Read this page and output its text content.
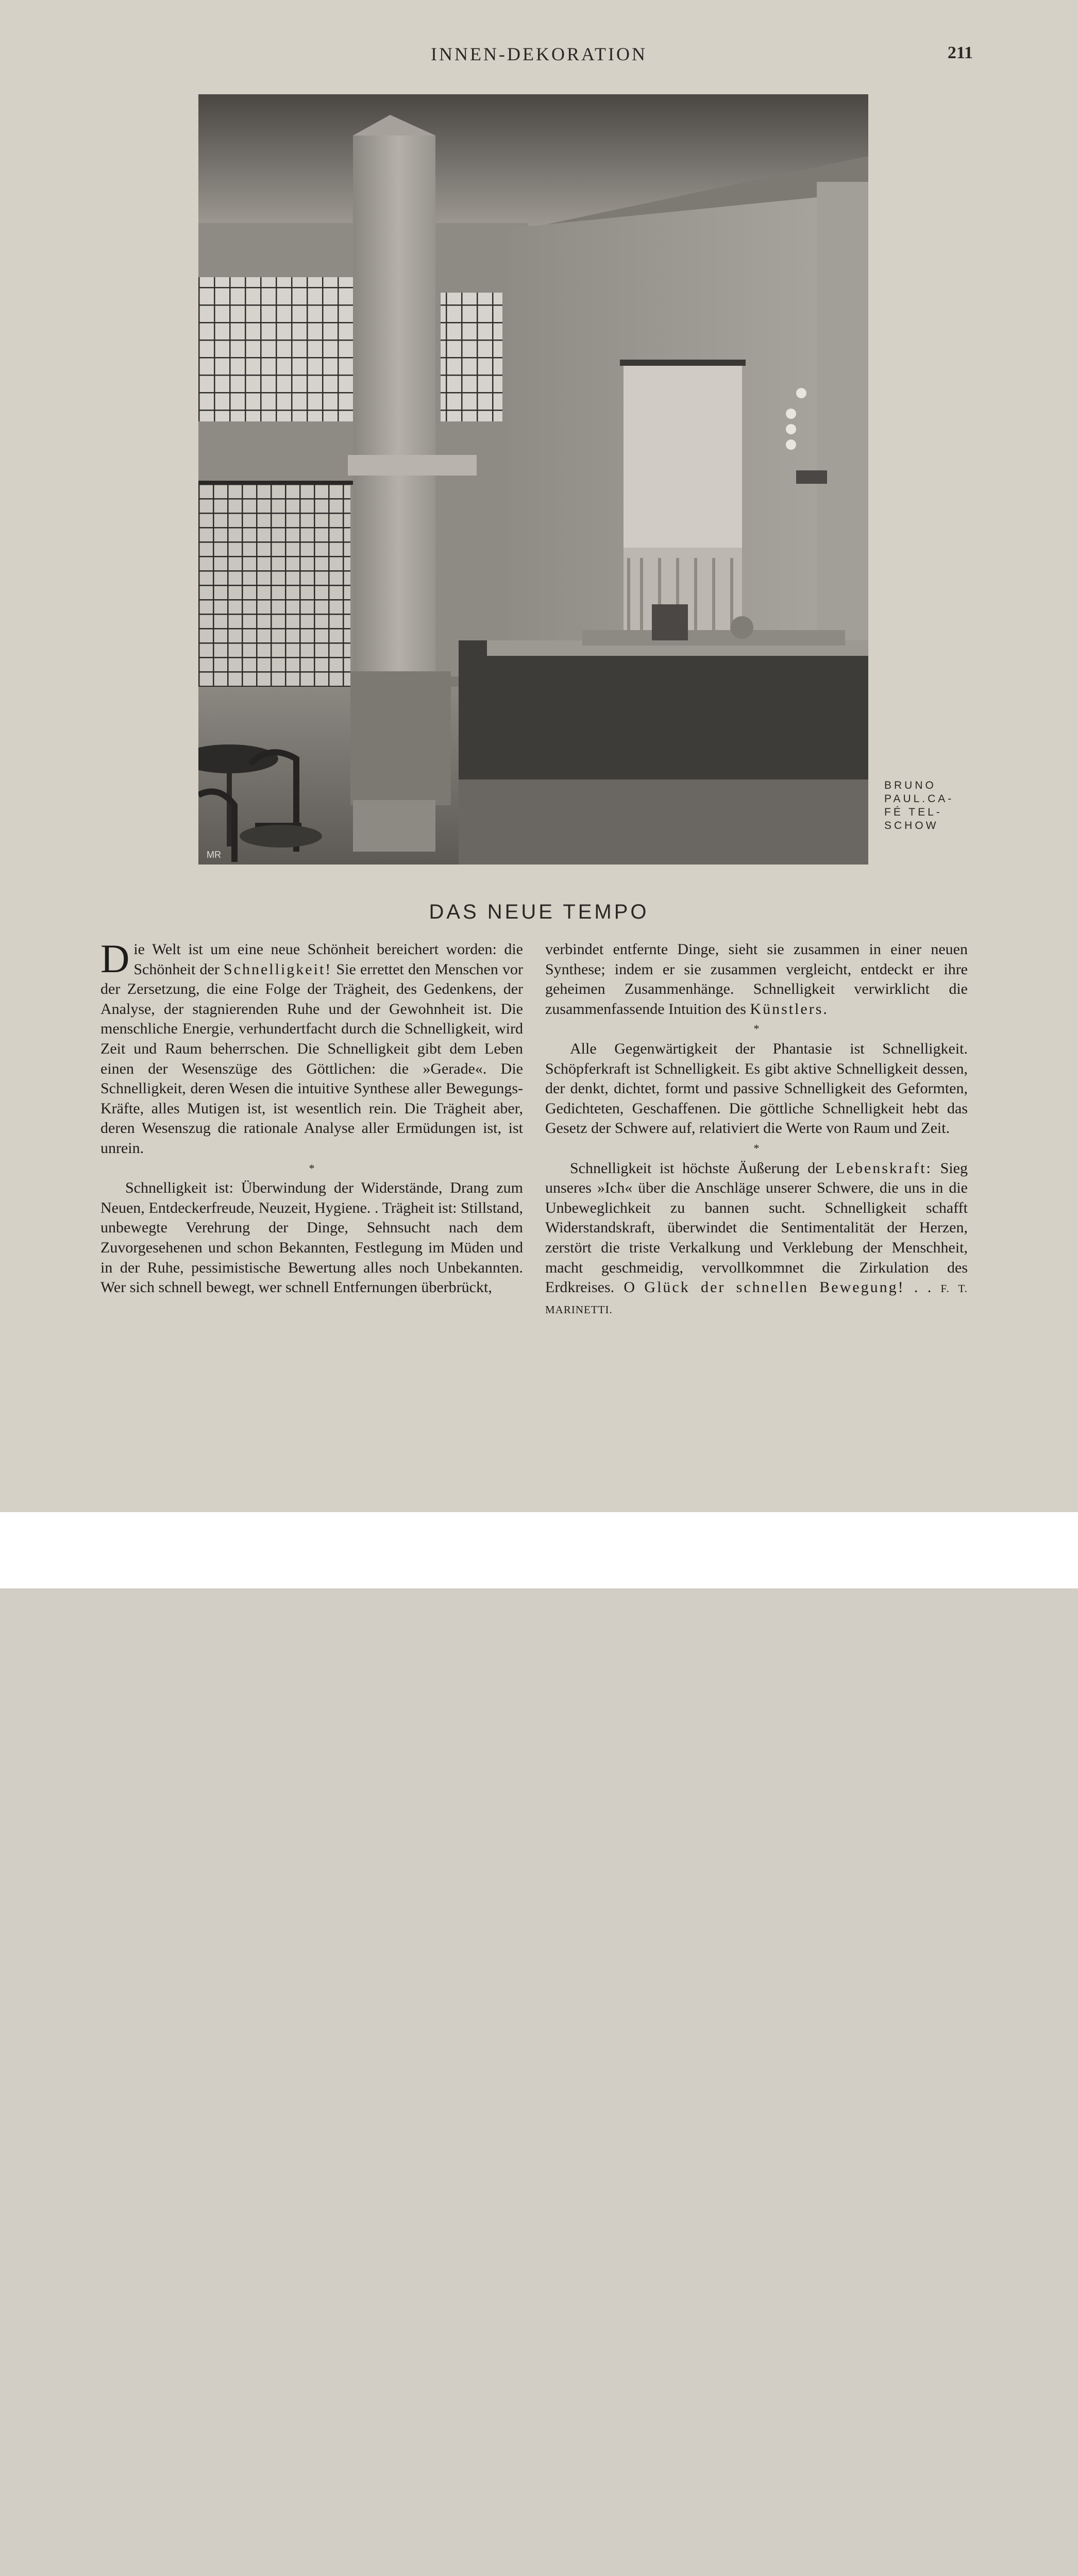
INNEN-DEKORATION	211
MR
BRUNO
PAUL.CA-
FÉ TEL-
SCHOW
DAS NEUE TEMPO

Die Welt ist um eine neue Schönheit bereichert worden: die Schönheit der Schnelligkeit! Sie errettet den Menschen vor der Zersetzung, die eine Folge der Trägheit, des Gedenkens, der Analyse, der stagnierenden Ruhe und der Gewohnheit ist. Die menschliche Energie, verhundertfacht durch die Schnelligkeit, wird Zeit und Raum beherrschen. Die Schnelligkeit gibt dem Leben einen der Wesenszüge des Göttlichen: die »Gerade«. Die Schnelligkeit, deren Wesen die intuitive Synthese aller Bewegungs-Kräfte, alles Mutigen ist, ist wesentlich rein. Die Trägheit aber, deren Wesenszug die rationale Analyse aller Ermüdungen ist, ist unrein.

*

Schnelligkeit ist: Überwindung der Widerstände, Drang zum Neuen, Entdeckerfreude, Neuzeit, Hygiene. . Trägheit ist: Stillstand, unbewegte Verehrung der Dinge, Sehnsucht nach dem Zuvorgesehenen und schon Bekannten, Festlegung im Müden und in der Ruhe, pessimistische Bewertung alles noch Unbekannten. Wer sich schnell bewegt, wer schnell Entfernungen überbrückt,

verbindet entfernte Dinge, sieht sie zusammen in einer neuen Synthese; indem er sie zusammen vergleicht, entdeckt er ihre geheimen Zusammenhänge. Schnelligkeit verwirklicht die zusammenfassende Intuition des Künstlers.

*

Alle Gegenwärtigkeit der Phantasie ist Schnelligkeit. Schöpferkraft ist Schnelligkeit. Es gibt aktive Schnelligkeit dessen, der denkt, dichtet, formt und passive Schnelligkeit des Geformten, Gedichteten, Geschaffenen. Die göttliche Schnelligkeit hebt das Gesetz der Schwere auf, relativiert die Werte von Raum und Zeit.

*

Schnelligkeit ist höchste Äußerung der Lebenskraft: Sieg unseres »Ich« über die Anschläge unserer Schwere, die uns in die Unbeweglichkeit zu bannen sucht. Schnelligkeit schafft Widerstandskraft, überwindet die Sentimentalität der Herzen, zerstört die triste Verkalkung und Verklebung der Menschheit, macht geschmeidig, vervollkommnet die Zirkulation des Erdkreises. O Glück der schnellen Bewegung! . . F. T. MARINETTI.
